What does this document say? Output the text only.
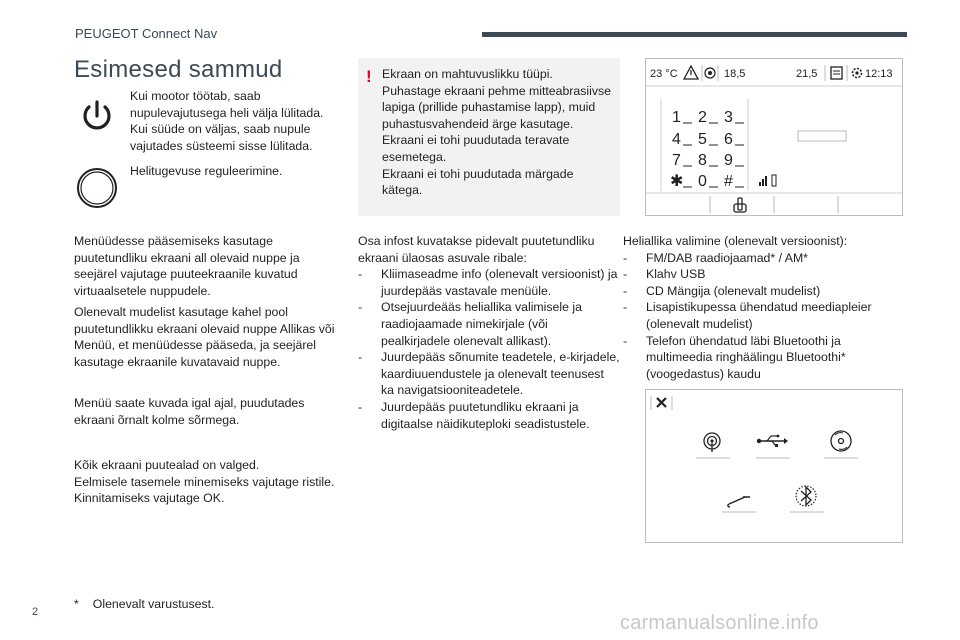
PEUGEOT Connect Nav
Esimesed sammud
Kui mootor töötab, saab nupulevajutusega heli välja lülitada. Kui süüde on väljas, saab nupule vajutades süsteemi sisse lülitada.
Helitugevuse reguleerimine.
Menüüdesse pääsemiseks kasutage puutetundliku ekraani all olevaid nuppe ja seejärel vajutage puuteekraanile kuvatud virtuaalsetele nuppudele.
Olenevalt mudelist kasutage kahel pool puutetundlikku ekraani olevaid nuppe Allikas või Menüü, et menüüdesse pääseda, ja seejärel kasutage ekraanile kuvatavaid nuppe.
Menüü saate kuvada igal ajal, puudutades ekraani õrnalt kolme sõrmega.
Kõik ekraani puutealad on valged.
Eelmisele tasemele minemiseks vajutage ristile.
Kinnitamiseks vajutage OK.
* Olenevalt varustusest.
2
! Ekraan on mahtuvuslikku tüüpi.
Puhastage ekraani pehme mitteabrasiivse lapiga (prillide puhastamise lapp), muid puhastusvahendeid ärge kasutage.
Ekraani ei tohi puudutada teravate esemetega.
Ekraani ei tohi puudutada märgade kätega.
Osa infost kuvatakse pidevalt puutetundliku ekraani ülaosas asuvale ribale:
- Kliimaseadme info (olenevalt versioonist) ja juurdepääs vastavale menüüle.
- Otsejuurdeääs heliallika valimisele ja raadiojaamade nimekirjale (või pealkirjadele olenevalt allikast).
- Juurdepääs sõnumite teadetele, e-kirjadele, kaardiuuendustele ja olenevalt teenusest ka navigatsiooniteadetele.
- Juurdepääs puutetundliku ekraani ja digitaalse näidikuteploki seadistustele.
Heliallika valimine (olenevalt versioonist):
- FM/DAB raadiojaamad* / AM*
- Klahv USB
- CD Mängija (olenevalt mudelist)
- Lisapistikupessa ühendatud meediapleier (olenevalt mudelist)
- Telefon ühendatud läbi Bluetoothi ja multimeedia ringhäälingu Bluetoothi* (voogedastus) kaudu
23 °C	18,5	21,5	12:13
1 2 3
4 5 6
7 8 9
✱ 0 #
carmanualsonline.info
